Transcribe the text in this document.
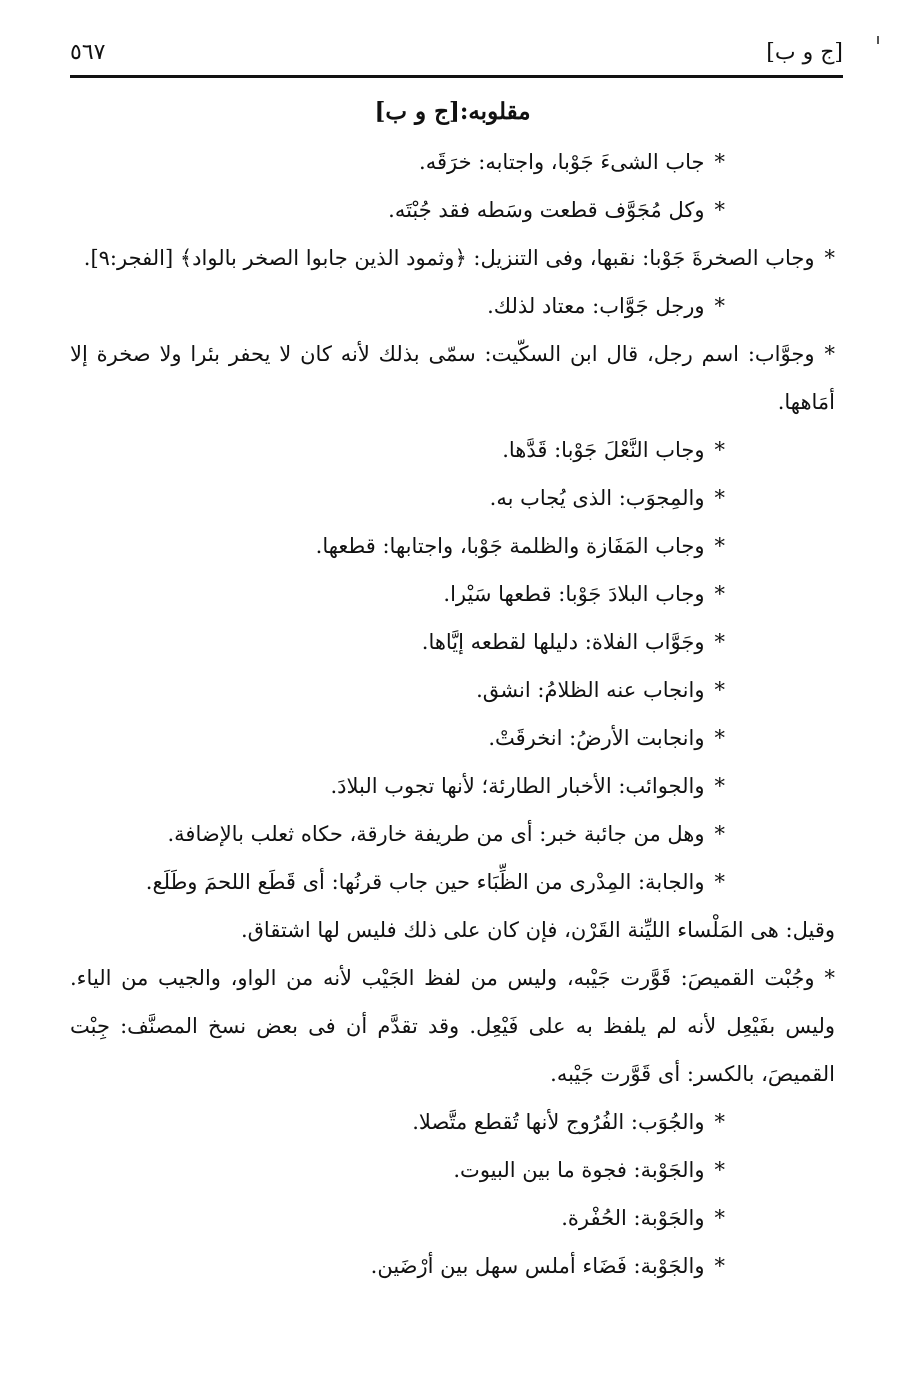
[ج و ب]
٥٦٧
مقلوبه:[ج و ب]
*جاب الشىءَ جَوْبا، واجتابه: خرَقَه.
*وكل مُجَوَّف قطعت وسَطه فقد جُبْتَه.
*وجاب الصخرةَ جَوْبا: نقبها، وفى التنزيل: ﴿وثمود الذين جابوا الصخر بالواد﴾ [الفجر:٩].
*ورجل جَوَّاب: معتاد لذلك.
*وجوَّاب: اسم رجل، قال ابن السكّيت: سمّى بذلك لأنه كان لا يحفر بئرا ولا صخرة إلا أمَاهها.
*وجاب النَّعْلَ جَوْبا: قَدَّها.
*والمِجوَب: الذى يُجاب به.
*وجاب المَفَازة والظلمة جَوْبا، واجتابها: قطعها.
*وجاب البلادَ جَوْبا: قطعها سَيْرا.
*وجَوَّاب الفلاة: دليلها لقطعه إيَّاها.
*وانجاب عنه الظلامُ: انشق.
*وانجابت الأرضُ: انخرقَتْ.
*والجوائب: الأخبار الطارئة؛ لأنها تجوب البلادَ.
*وهل من جائبة خبر: أى من طريفة خارقة، حكاه ثعلب بالإضافة.
*والجابة: المِدْرى من الظِّبَاء حين جاب قرنُها: أى قَطَع اللحمَ وطَلَع.
وقيل: هى المَلْساء الليِّنة القَرْن، فإن كان على ذلك فليس لها اشتقاق.
*وجُبْت القميصَ: قَوَّرت جَيْبه، وليس من لفظ الجَيْب لأنه من الواو، والجيب من الياء. وليس بفَيْعِل لأنه لم يلفظ به على فَيْعِل. وقد تقدَّم أن فى بعض نسخ المصنَّف: جِبْت القميصَ، بالكسر: أى قَوَّرت جَيْبه.
*والجُوَب: الفُرُوج لأنها تُقطع متَّصلا.
*والجَوْبة: فجوة ما بين البيوت.
*والجَوْبة: الحُفْرة.
*والجَوْبة: فَضَاء أملس سهل بين أرْضَين.
